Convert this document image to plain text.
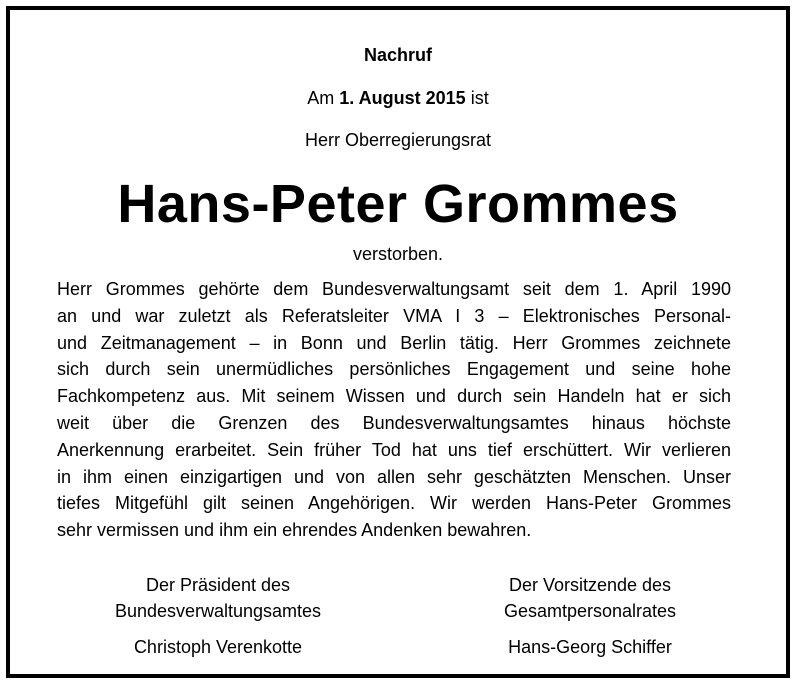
Nachruf
Am 1. August 2015 ist
Herr Oberregierungsrat
Hans-Peter Grommes
verstorben.

Herr Grommes gehörte dem Bundesverwaltungsamt seit dem 1. April 1990
an und war zuletzt als Referatsleiter VMA I 3 – Elektronisches Personal-
und Zeitmanagement – in Bonn und Berlin tätig. Herr Grommes zeichnete
sich durch sein unermüdliches persönliches Engagement und seine hohe
Fachkompetenz aus. Mit seinem Wissen und durch sein Handeln hat er sich
weit über die Grenzen des Bundesverwaltungsamtes hinaus höchste
Anerkennung erarbeitet. Sein früher Tod hat uns tief erschüttert. Wir verlieren
in ihm einen einzigartigen und von allen sehr geschätzten Menschen. Unser
tiefes Mitgefühl gilt seinen Angehörigen. Wir werden Hans-Peter Grommes
sehr vermissen und ihm ein ehrendes Andenken bewahren.

Der Präsident des
Bundesverwaltungsamtes
Christoph Verenkotte
Der Vorsitzende des
Gesamtpersonalrates
Hans-Georg Schiffer
